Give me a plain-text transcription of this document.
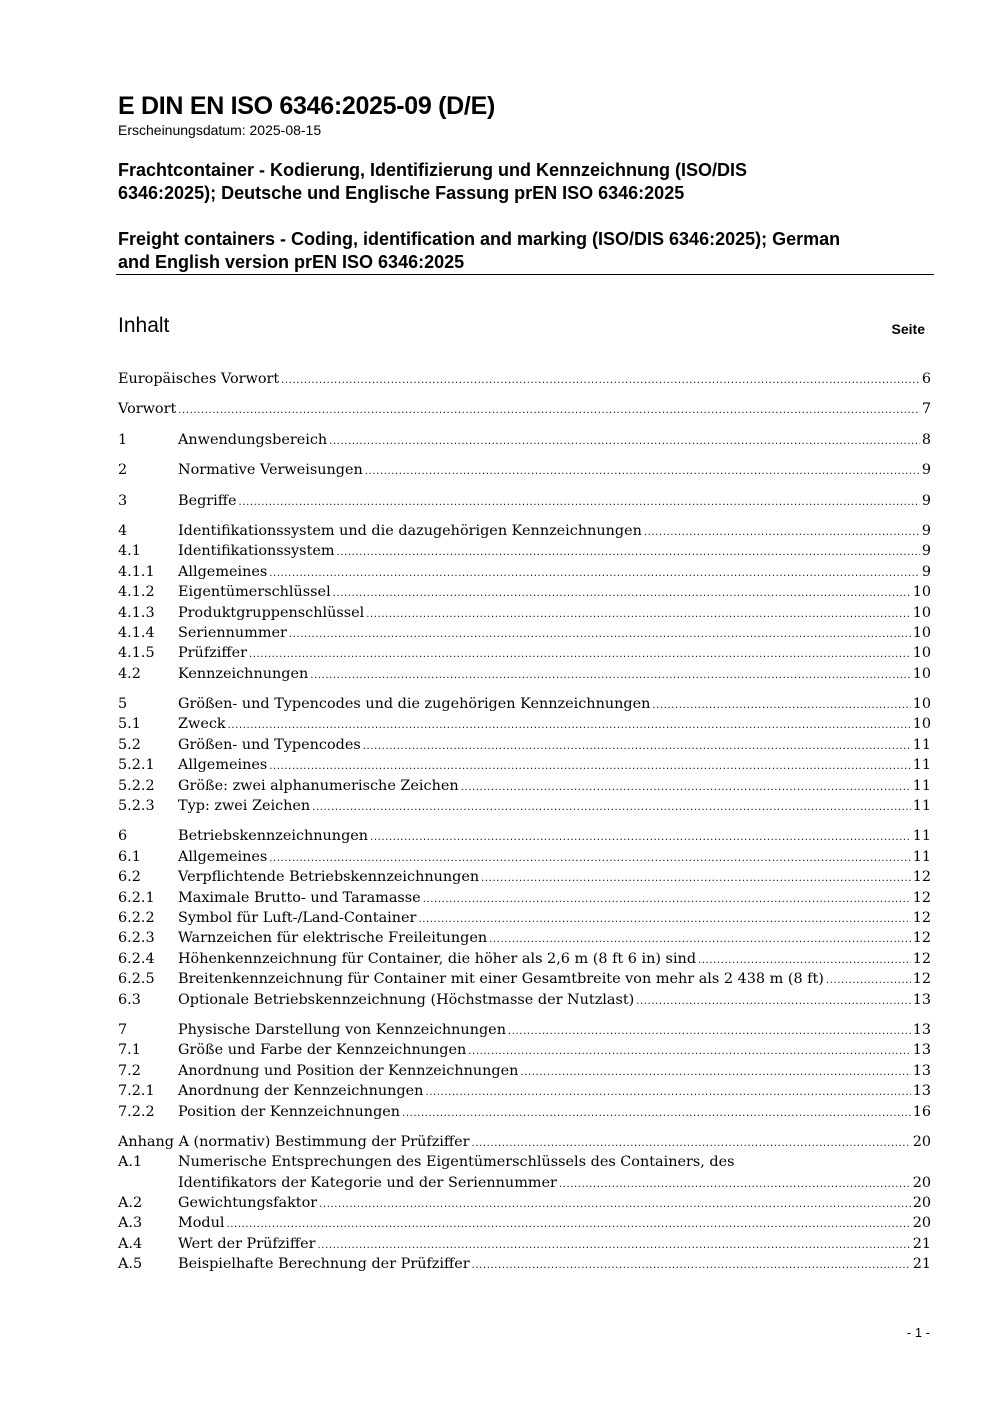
E DIN EN ISO 6346:2025-09 (D/E)
Erscheinungsdatum: 2025-08-15
Frachtcontainer - Kodierung, Identifizierung und Kennzeichnung (ISO/DIS
6346:2025); Deutsche und Englische Fassung prEN ISO 6346:2025
Freight containers - Coding, identification and marking (ISO/DIS 6346:2025); German
and English version prEN ISO 6346:2025
Inhalt	Seite
Europäisches Vorwort .....	6
Vorwort .....	7
1	Anwendungsbereich .....	8
2	Normative Verweisungen .....	9
3	Begriffe .....	9
4	Identifikationssystem und die dazugehörigen Kennzeichnungen .....	9
4.1	Identifikationssystem .....	9
4.1.1	Allgemeines .....	9
4.1.2	Eigentümerschlüssel .....	10
4.1.3	Produktgruppenschlüssel .....	10
4.1.4	Seriennummer .....	10
4.1.5	Prüfziffer .....	10
4.2	Kennzeichnungen .....	10
5	Größen- und Typencodes und die zugehörigen Kennzeichnungen .....	10
5.1	Zweck .....	10
5.2	Größen- und Typencodes .....	11
5.2.1	Allgemeines .....	11
5.2.2	Größe: zwei alphanumerische Zeichen .....	11
5.2.3	Typ: zwei Zeichen .....	11
6	Betriebskennzeichnungen .....	11
6.1	Allgemeines .....	11
6.2	Verpflichtende Betriebskennzeichnungen .....	12
6.2.1	Maximale Brutto- und Taramasse .....	12
6.2.2	Symbol für Luft-/Land-Container .....	12
6.2.3	Warnzeichen für elektrische Freileitungen .....	12
6.2.4	Höhenkennzeichnung für Container, die höher als 2,6 m (8 ft 6 in) sind .....	12
6.2.5	Breitenkennzeichnung für Container mit einer Gesamtbreite von mehr als 2 438 m (8 ft) .....	12
6.3	Optionale Betriebskennzeichnung (Höchstmasse der Nutzlast) .....	13
7	Physische Darstellung von Kennzeichnungen .....	13
7.1	Größe und Farbe der Kennzeichnungen .....	13
7.2	Anordnung und Position der Kennzeichnungen .....	13
7.2.1	Anordnung der Kennzeichnungen .....	13
7.2.2	Position der Kennzeichnungen .....	16
Anhang A (normativ) Bestimmung der Prüfziffer .....	20
A.1	Numerische Entsprechungen des Eigentümerschlüssels des Containers, des
Identifikators der Kategorie und der Seriennummer .....	20
A.2	Gewichtungsfaktor .....	20
A.3	Modul .....	20
A.4	Wert der Prüfziffer .....	21
A.5	Beispielhafte Berechnung der Prüfziffer .....	21
- 1 -
